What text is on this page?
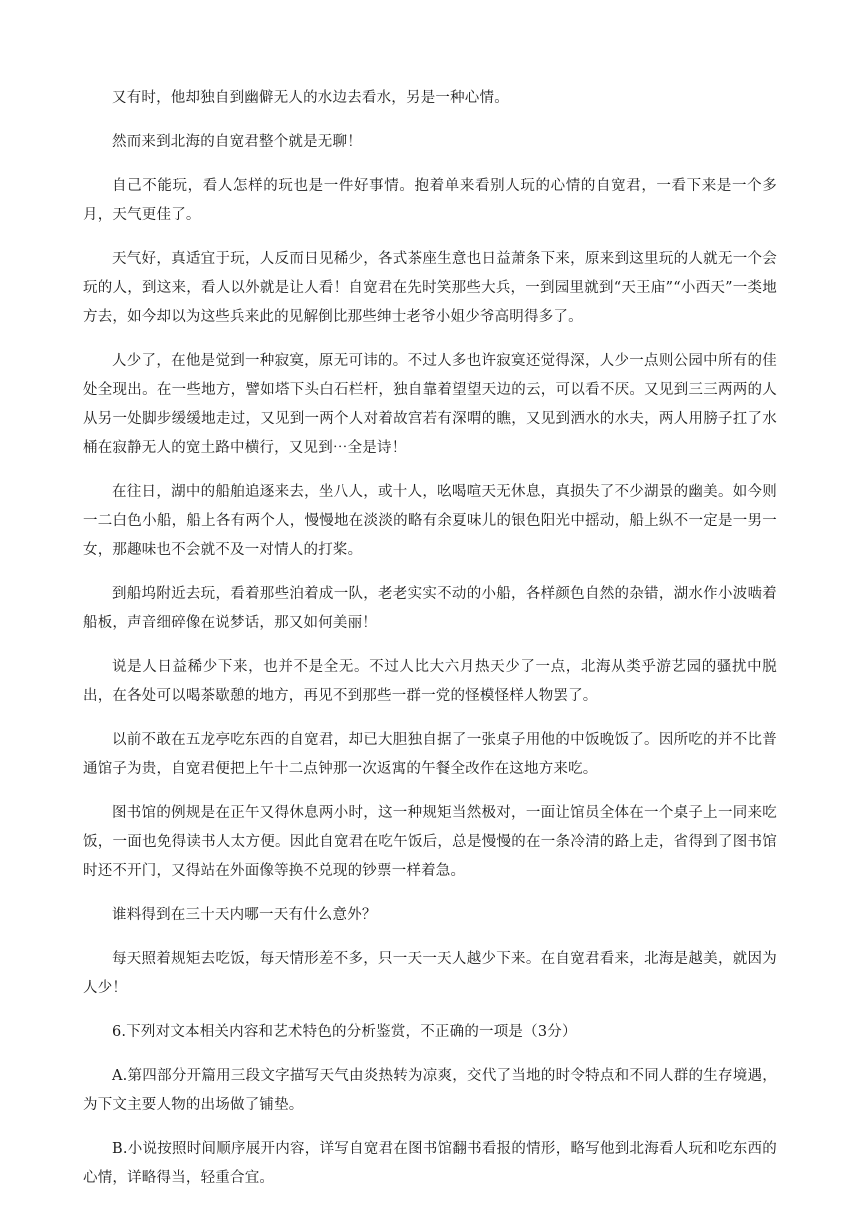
又有时，他却独自到幽僻无人的水边去看水，另是一种心情。

然而来到北海的自宽君整个就是无聊！

自己不能玩，看人怎样的玩也是一件好事情。抱着单来看别人玩的心情的自宽君，一看下来是一个多月，天气更佳了。

天气好，真适宜于玩，人反而日见稀少，各式茶座生意也日益萧条下来，原来到这里玩的人就无一个会玩的人，到这来，看人以外就是让人看！自宽君在先时笑那些大兵，一到园里就到“天王庙”“小西天”一类地方去，如今却以为这些兵来此的见解倒比那些绅士老爷小姐少爷高明得多了。

人少了，在他是觉到一种寂寞，原无可讳的。不过人多也许寂寞还觉得深，人少一点则公园中所有的佳处全现出。在一些地方，譬如塔下头白石栏杆，独自靠着望望天边的云，可以看不厌。又见到三三两两的人从另一处脚步缓缓地走过，又见到一两个人对着故宫若有深喟的瞧，又见到洒水的水夫，两人用膀子扛了水桶在寂静无人的宽土路中横行，又见到⋯全是诗！

在往日，湖中的船舶追逐来去，坐八人，或十人，吆喝喧天无休息，真损失了不少湖景的幽美。如今则一二白色小船，船上各有两个人，慢慢地在淡淡的略有余夏味儿的银色阳光中摇动，船上纵不一定是一男一女，那趣味也不会就不及一对情人的打桨。

到船坞附近去玩，看着那些泊着成一队，老老实实不动的小船，各样颜色自然的杂错，湖水作小波啮着船板，声音细碎像在说梦话，那又如何美丽！

说是人日益稀少下来，也并不是全无。不过人比大六月热天少了一点，北海从类乎游艺园的骚扰中脱出，在各处可以喝茶歇憩的地方，再见不到那些一群一党的怪模怪样人物罢了。

以前不敢在五龙亭吃东西的自宽君，却已大胆独自据了一张桌子用他的中饭晚饭了。因所吃的并不比普通馆子为贵，自宽君便把上午十二点钟那一次返寓的午餐全改作在这地方来吃。

图书馆的例规是在正午又得休息两小时，这一种规矩当然极对，一面让馆员全体在一个桌子上一同来吃饭，一面也免得读书人太方便。因此自宽君在吃午饭后，总是慢慢的在一条冷清的路上走，省得到了图书馆时还不开门，又得站在外面像等换不兑现的钞票一样着急。

谁料得到在三十天内哪一天有什么意外？

每天照着规矩去吃饭，每天情形差不多，只一天一天人越少下来。在自宽君看来，北海是越美，就因为人少！

6.下列对文本相关内容和艺术特色的分析鉴赏，不正确的一项是（3分）

A.第四部分开篇用三段文字描写天气由炎热转为凉爽，交代了当地的时令特点和不同人群的生存境遇，为下文主要人物的出场做了铺垫。

B.小说按照时间顺序展开内容，详写自宽君在图书馆翻书看报的情形，略写他到北海看人玩和吃东西的心情，详略得当，轻重合宜。
